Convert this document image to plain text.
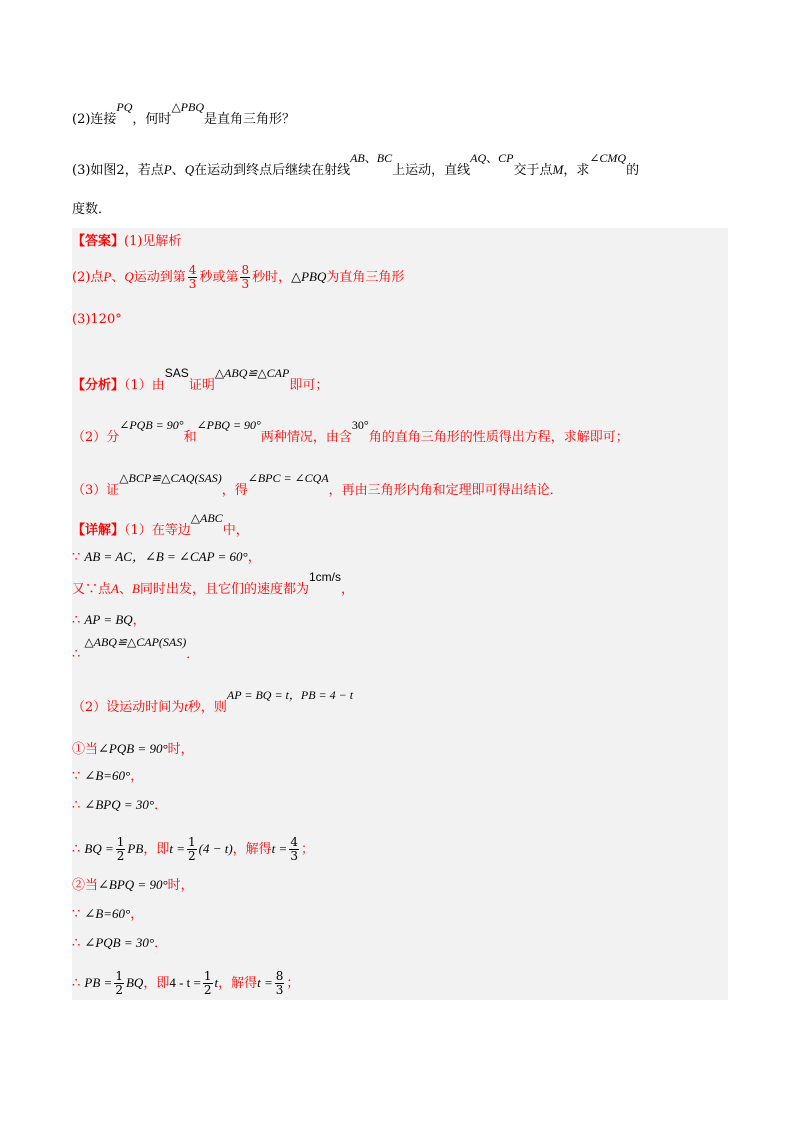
(2)连接PQ，何时△PBQ是直角三角形？
(3)如图2，若点P、Q在运动到终点后继续在射线AB、BC上运动，直线AQ、CP交于点M，求∠CMQ的
度数．
【答案】(1)见解析
(2)点P、Q运动到第 $\frac{4}{3}$ 秒或第 $\frac{8}{3}$ 秒时，△PBQ为直角三角形
(3)120°
【分析】（1）由SAS证明△ABQ≌△CAP即可；
（2）分∠PQB = 90°和∠PBQ = 90°两种情况，由含30°角的直角三角形的性质得出方程，求解即可；
（3）证△BCP≌△CAQ(SAS)，得∠BPC = ∠CQA，再由三角形内角和定理即可得出结论．
【详解】（1）在等边△ABC中，
∵ AB = AC，∠B = ∠CAP = 60°，
又∵点A、B同时出发，且它们的速度都为1cm/s，
∴ AP = BQ，
∴ △ABQ≌△CAP(SAS)．
（2）设运动时间为t秒，则AP = BQ = t，PB = 4 − t
①当∠PQB = 90°时，
∵ ∠B=60°，
∴ ∠BPQ = 30°．
∴ BQ = $\frac{1}{2}$ PB，即$t = \frac{1}{2} (4 - t)$，解得$t = \frac{4}{3}$ ；
②当∠BPQ = 90°时，
∵ ∠B=60°，
∴ ∠PQB = 30°．
∴ PB = $\frac{1}{2}$ BQ，即$4 - t = \frac{1}{2}$ t，解得$t = \frac{8}{3}$ ；
